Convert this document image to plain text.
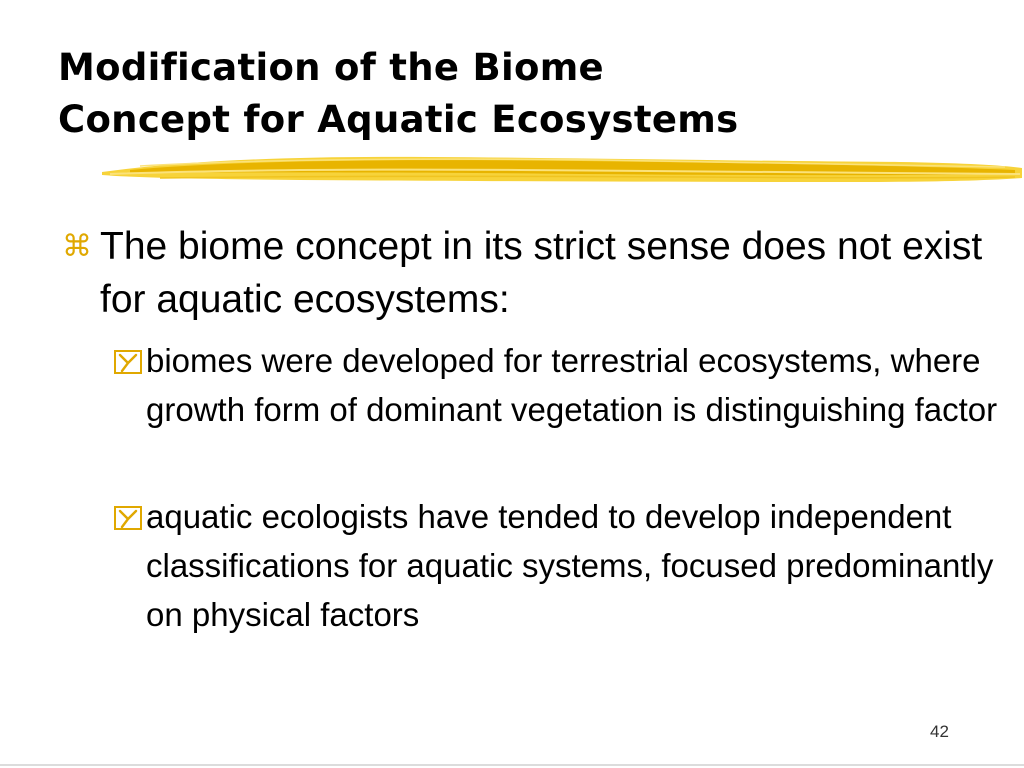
Modification of the Biome
Concept for Aquatic Ecosystems
⌘ The biome concept in its strict sense does not exist for aquatic ecosystems:
biomes were developed for terrestrial ecosystems, where growth form of dominant vegetation is distinguishing factor
aquatic ecologists have tended to develop independent classifications for aquatic systems, focused predominantly on physical factors
42
